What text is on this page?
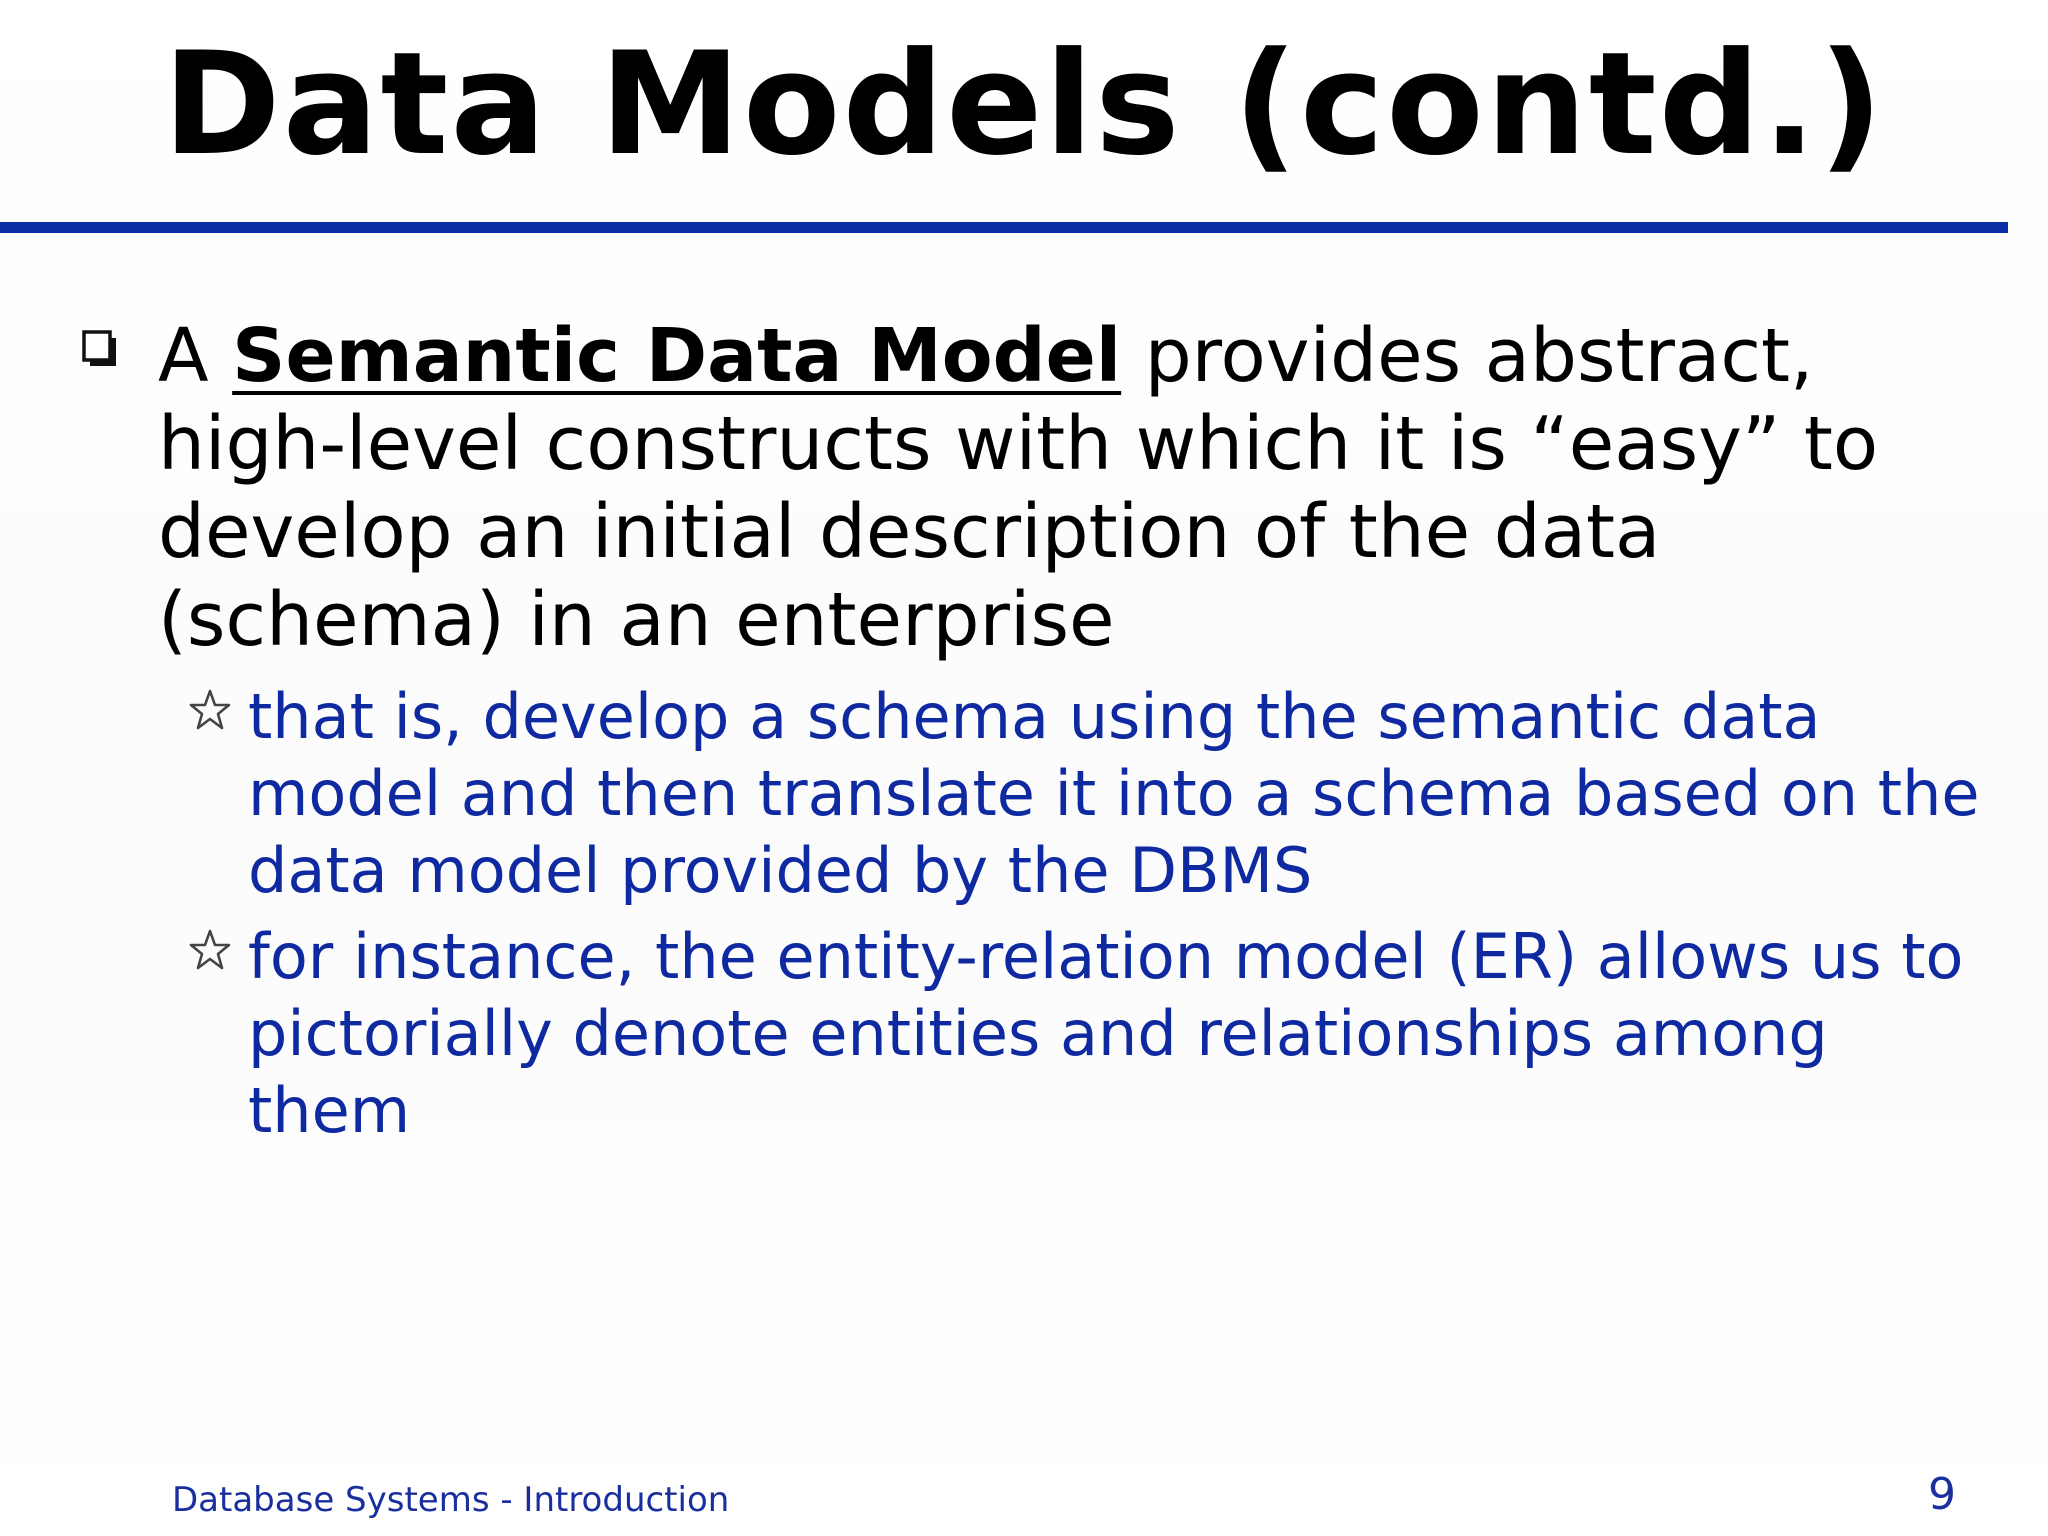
Data Models (contd.)
A Semantic Data Model provides abstract, high-level constructs with which it is “easy” to develop an initial description of the data (schema) in an enterprise
that is, develop a schema using the semantic data model and then translate it into a schema based on the data model provided by the DBMS
for instance, the entity-relation model (ER) allows us to pictorially denote entities and relationships among them
Database Systems - Introduction	9
